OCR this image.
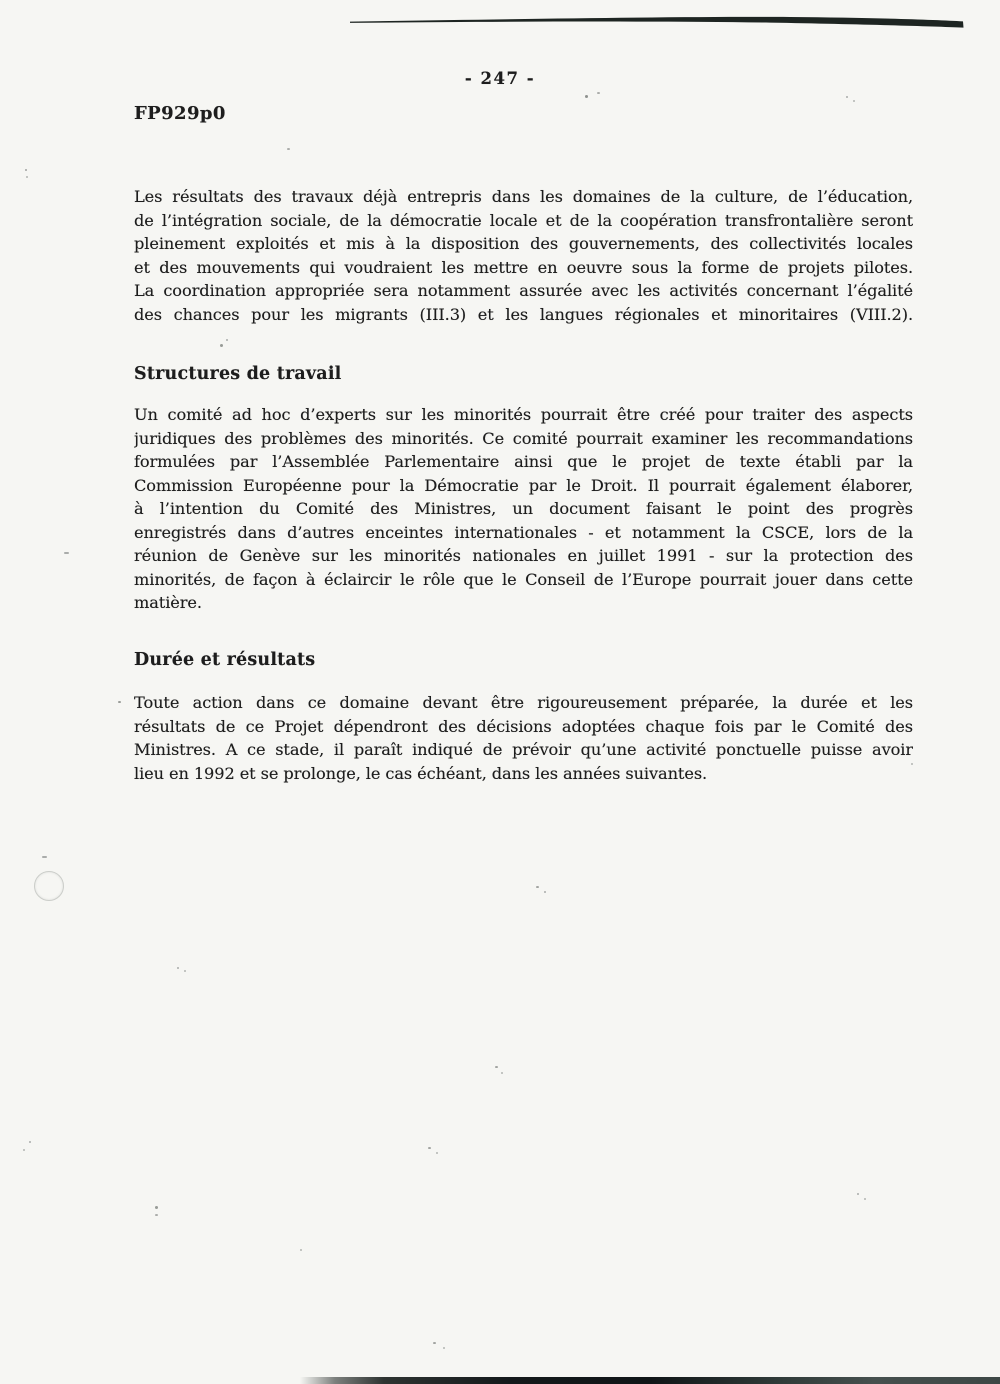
- 247 -
FP929p0
Les résultats des travaux déjà entrepris dans les domaines de la culture, de l’éducation,
de l’intégration sociale, de la démocratie locale et de la coopération transfrontalière seront
pleinement exploités et mis à la disposition des gouvernements, des collectivités locales
et des mouvements qui voudraient les mettre en oeuvre sous la forme de projets pilotes.
La coordination appropriée sera notamment assurée avec les activités concernant l’égalité
des chances pour les migrants (III.3) et les langues régionales et minoritaires (VIII.2).
Structures de travail
Un comité ad hoc d’experts sur les minorités pourrait être créé pour traiter des aspects
juridiques des problèmes des minorités. Ce comité pourrait examiner les recommandations
formulées par l’Assemblée Parlementaire ainsi que le projet de texte établi par la
Commission Européenne pour la Démocratie par le Droit. Il pourrait également élaborer,
à l’intention du Comité des Ministres, un document faisant le point des progrès
enregistrés dans d’autres enceintes internationales - et notamment la CSCE, lors de la
réunion de Genève sur les minorités nationales en juillet 1991 - sur la protection des
minorités, de façon à éclaircir le rôle que le Conseil de l’Europe pourrait jouer dans cette
matière.
Durée et résultats
Toute action dans ce domaine devant être rigoureusement préparée, la durée et les
résultats de ce Projet dépendront des décisions adoptées chaque fois par le Comité des
Ministres. A ce stade, il paraît indiqué de prévoir qu’une activité ponctuelle puisse avoir
lieu en 1992 et se prolonge, le cas échéant, dans les années suivantes.
